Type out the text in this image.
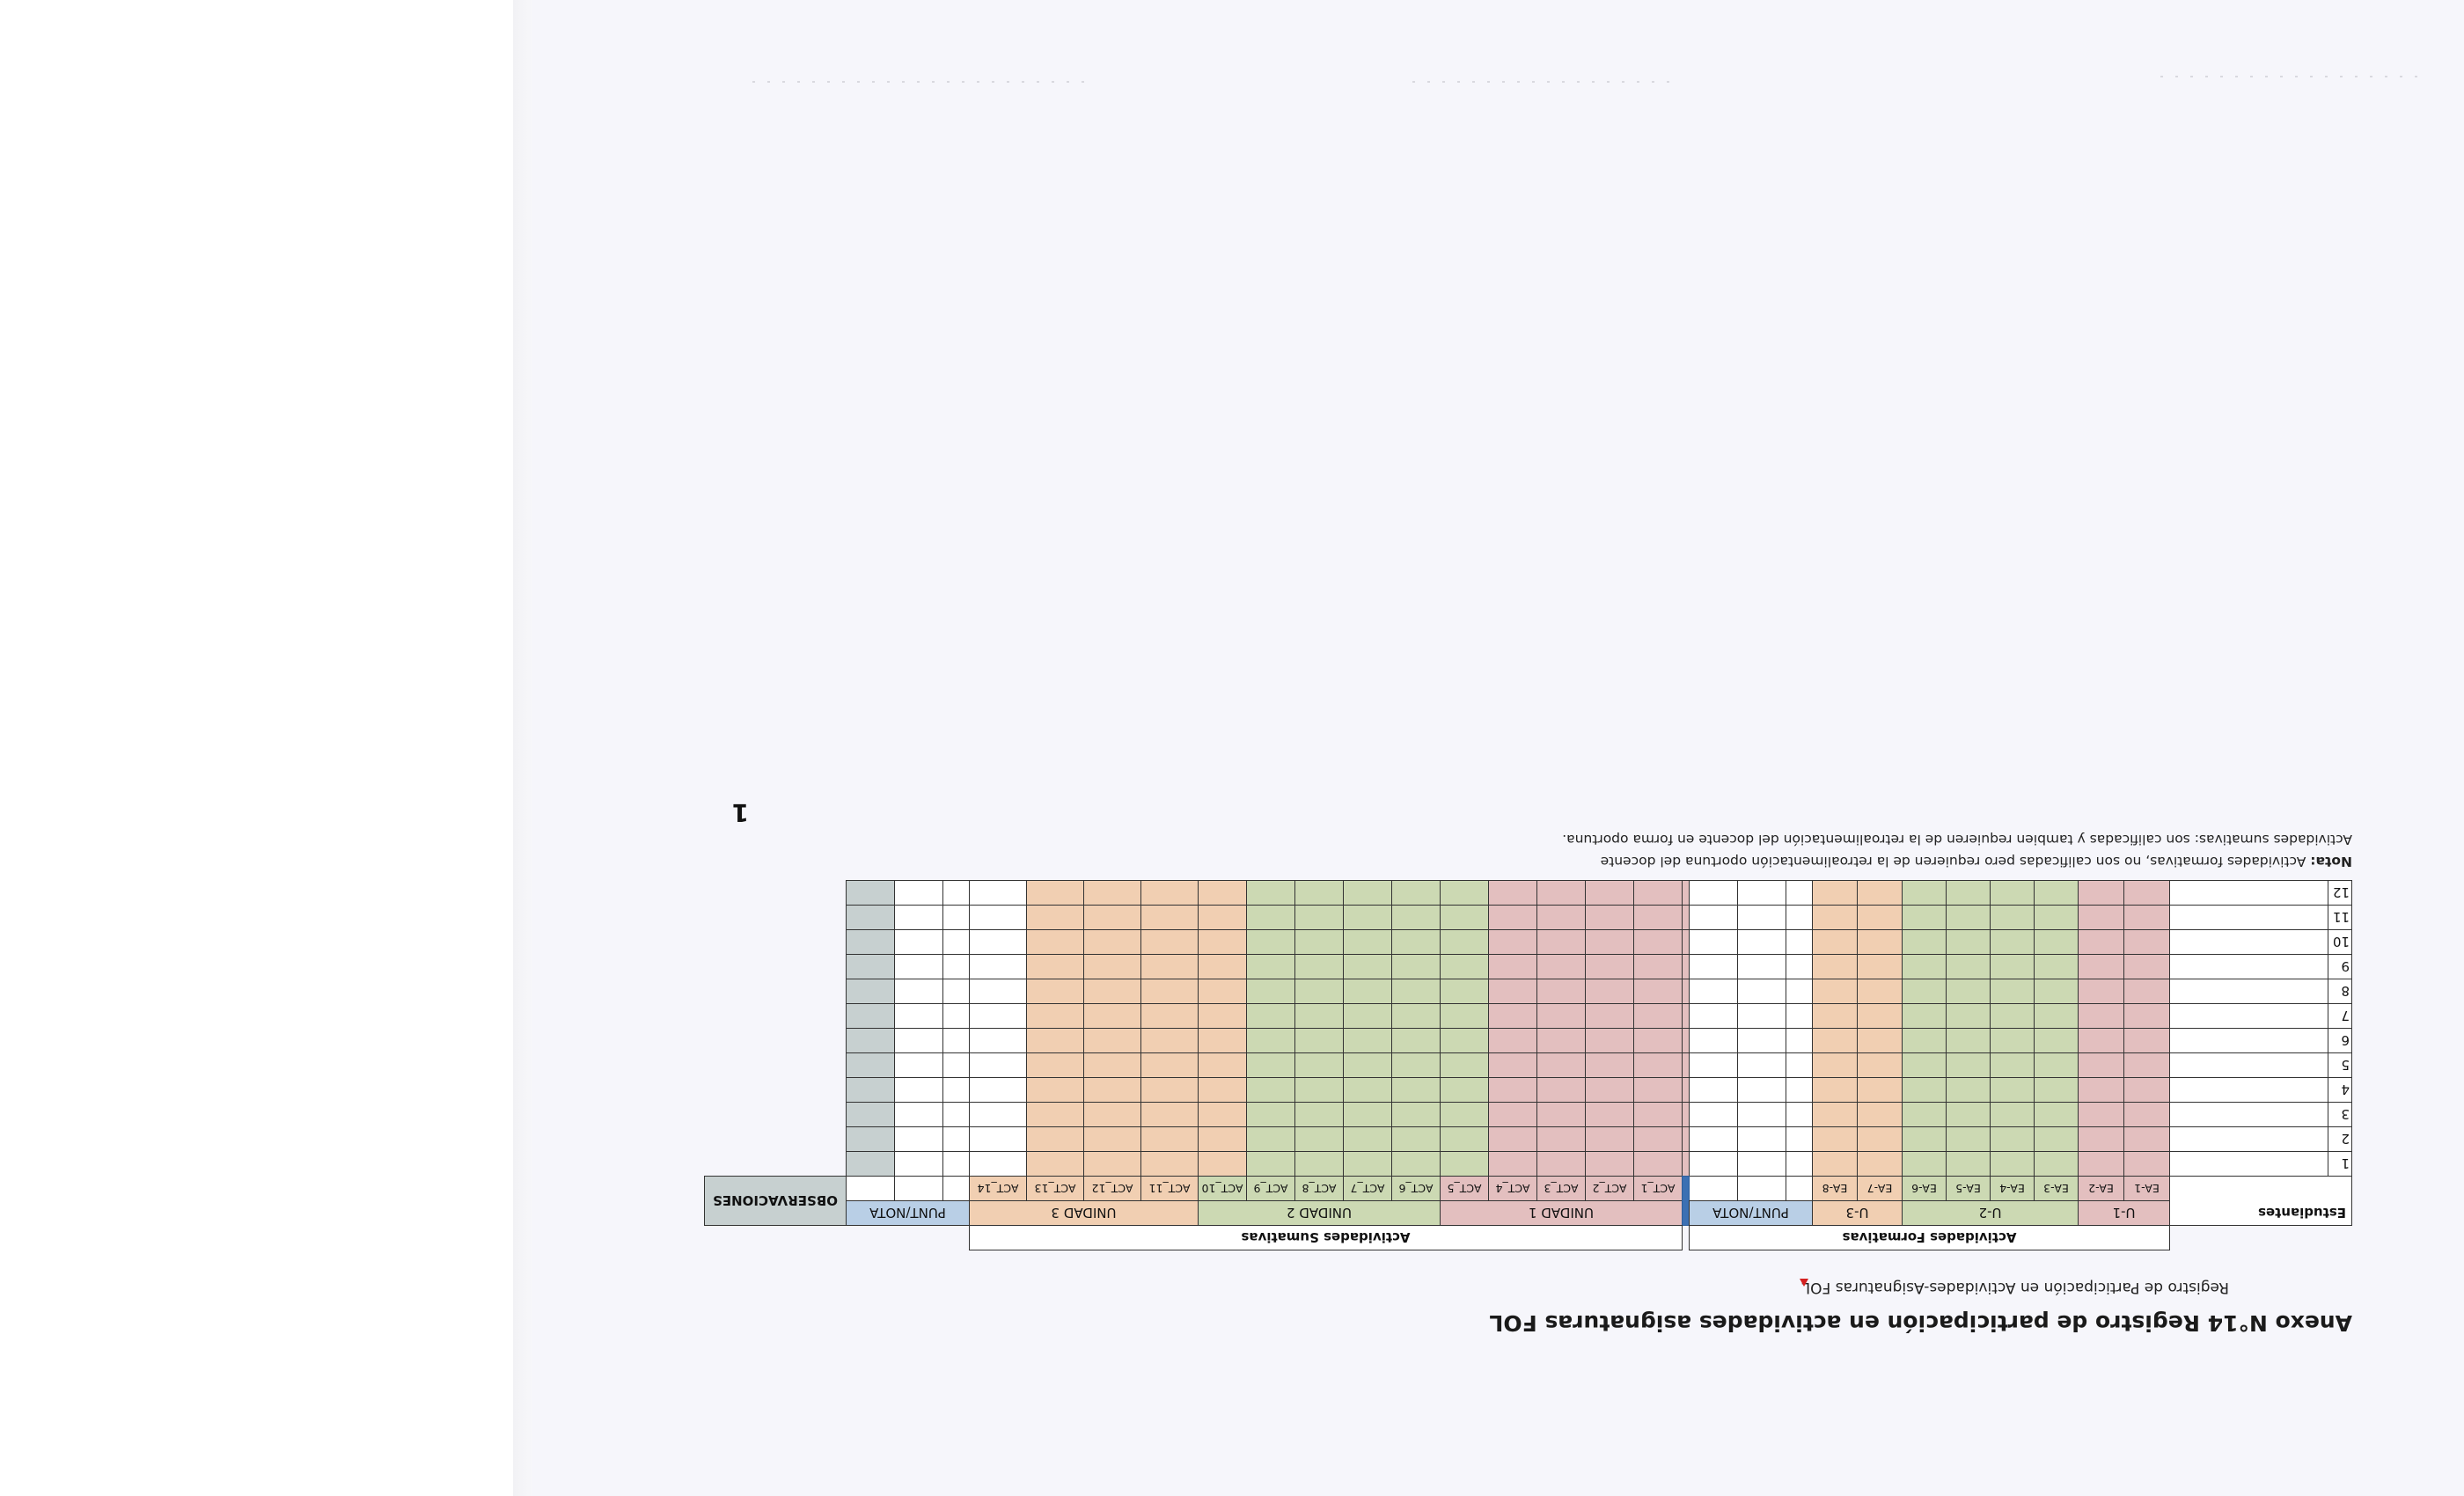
Anexo N°14 Registro de participación en actividades asignaturas FOL
Registro de Participación en Actividades-Asignaturas FOL
		Actividades Formativas												Actividades Sumativas																	
Estudiantes		U-1		U-2				U-3		PUNT/NOTA				UNIDAD 1					UNIDAD 2					UNIDAD 3				PUNT/NOTA			OBSERVACIONES
		EA-1	EA-2	EA-3	EA-4	EA-5	EA-6	EA-7	EA-8					ACT_1	ACT_2	ACT_3	ACT_4	ACT_5	ACT_6	ACT_7	ACT_8	ACT_9	ACT_10	ACT_11	ACT_12	ACT_13	ACT_14				
1																															
2																															
3																															
4																															
5																															
6																															
7																															
8																															
9																															
10																															
11																															
12																															
Nota: Actividades formativas, no son calificadas pero requieren de la retroalimentación oportuna del docente
Actividades sumativas: son calificadas y tambien requieren de la retroalimentación del docente en forma oportuna.
1
